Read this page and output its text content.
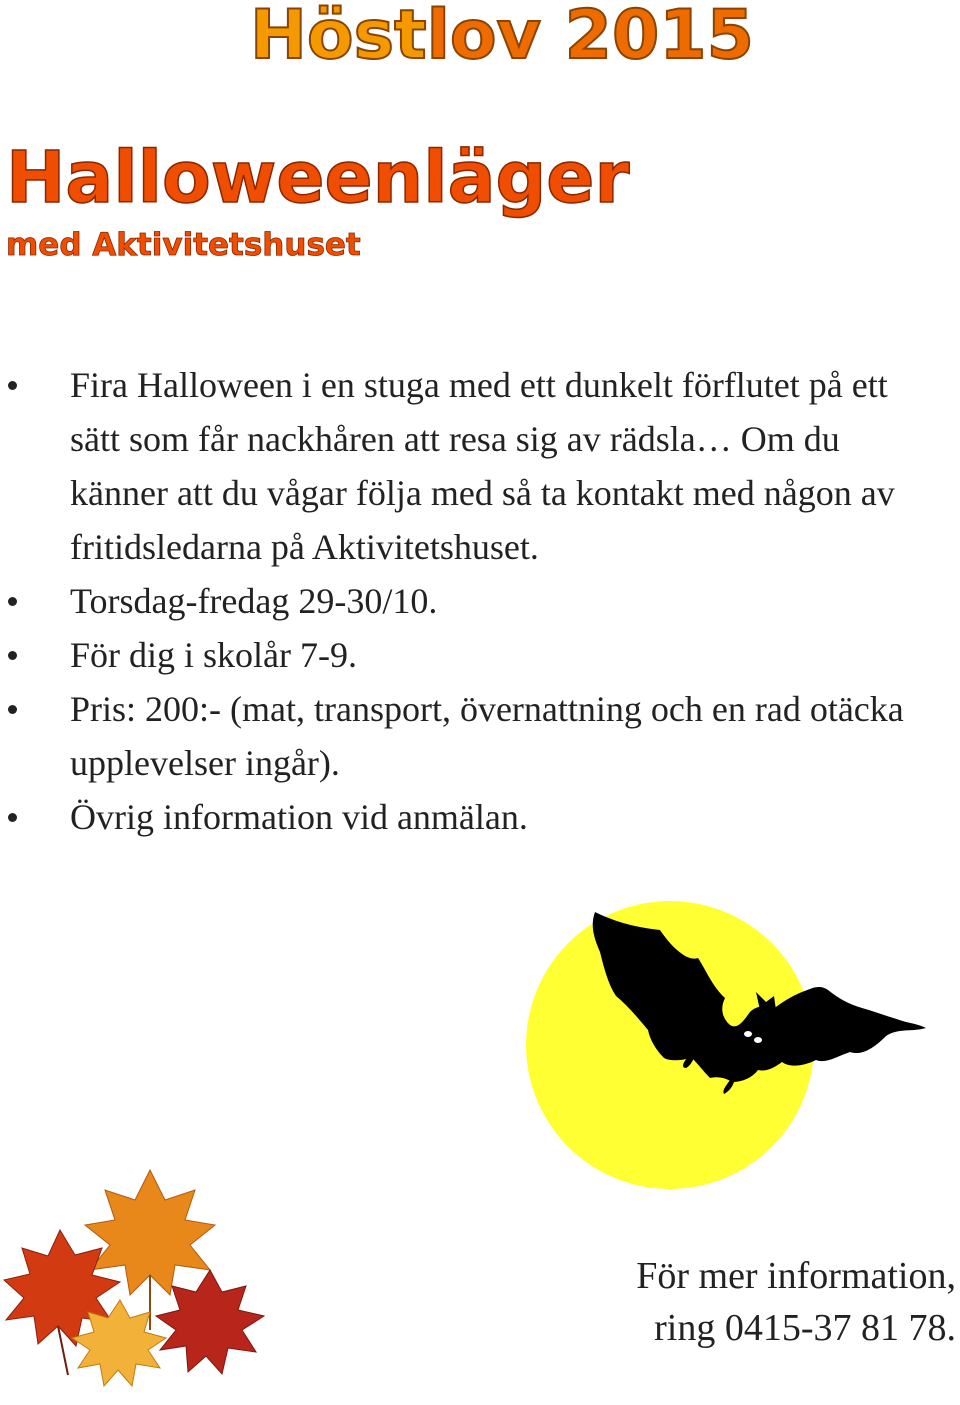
Höstlov 2015
Halloweenläger
med Aktivitetshuset
Fira Halloween i en stuga med ett dunkelt förflutet på ett sätt som får nackhåren att resa sig av rädsla… Om du känner att du vågar följa med så ta kontakt med någon av fritidsledarna på Aktivitetshuset.
Torsdag-fredag 29-30/10.
För dig i skolår 7-9.
Pris: 200:- (mat, transport, övernattning och en rad otäcka upplevelser ingår).
Övrig information vid anmälan.
För mer information,
ring 0415-37 81 78.
